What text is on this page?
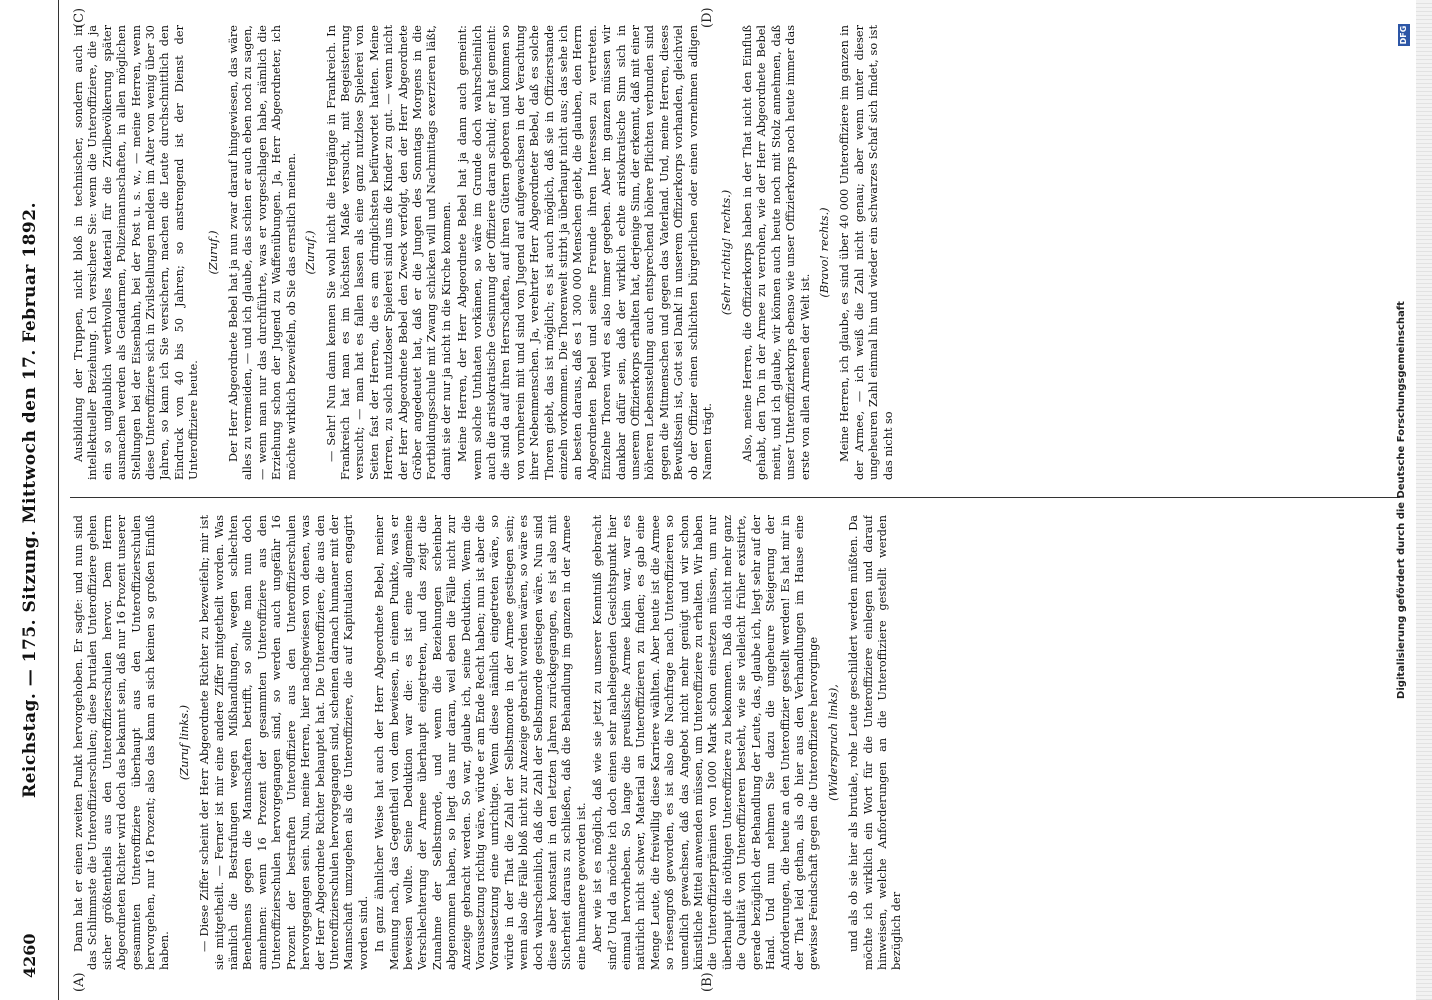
4260
Reichstag. — 175. Sitzung. Mittwoch den 17. Februar 1892.
(A)	(B)
(C)	(D)

Dann hat er einen zweiten Punkt hervorgehoben. Er sagte: und nun sind das Schlimmste die Unteroffizierschulen; diese brutalen Unteroffiziere gehen sicher größtentheils aus den Unteroffizierschulen hervor. Dem Herrn Abgeordneten Richter wird doch das bekannt sein, daß nur 16 Prozent unserer gesammten Unteroffiziere überhaupt aus den Unteroffizierschulen hervorgehen, nur 16 Prozent; also das kann an sich keinen so großen Einfluß haben.

(Zuruf links.) — Diese Ziffer scheint der Herr Abgeordnete Richter zu bezweifeln; mir ist sie mitgetheilt. — Ferner ist mir eine andere Ziffer mitgetheilt worden. Was nämlich die Bestrafungen wegen Mißhandlungen, wegen schlechten Benehmens gegen die Mannschaften betrifft, so sollte man nun doch annehmen: wenn 16 Prozent der gesammten Unteroffiziere aus den Unteroffizierschulen hervorgegangen sind, so werden auch ungefähr 16 Prozent der bestraften Unteroffiziere aus den Unteroffizierschulen hervorgegangen sein. Nun, meine Herren, hier nachgewiesen von denen, was der Herr Abgeordnete Richter behauptet hat. Die Unteroffiziere, die aus den Unteroffizierschulen hervorgegangen sind, scheinen darnach humaner mit der Mannschaft umzugehen als die Unteroffiziere, die auf Kapitulation engagirt worden sind. In ganz ähnlicher Weise hat auch der Herr Abgeordnete Bebel, meiner Meinung nach, das Gegentheil von dem bewiesen, in einem Punkte, was er beweisen wollte. Seine Deduktion war die: es ist eine allgemeine Verschlechterung der Armee überhaupt eingetreten, und das zeigt die Zunahme der Selbstmorde, und wenn die Beziehungen scheinbar abgenommen haben, so liegt das nur daran, weil eben die Fälle nicht zur Anzeige gebracht werden. So war, glaube ich, seine Deduktion. Wenn die Voraussetzung richtig wäre, würde er am Ende Recht haben; nun ist aber die Voraussetzung eine unrichtige. Wenn diese nämlich eingetreten wäre, so würde in der That die Zahl der Selbstmorde in der Armee gestiegen sein; wenn also die Fälle bloß nicht zur Anzeige gebracht worden wären, so wäre es doch wahrscheinlich, daß die Zahl der Selbstmorde gestiegen wäre. Nun sind diese aber konstant in den letzten Jahren zurückgegangen, es ist also mit Sicherheit daraus zu schließen, daß die Behandlung im ganzen in der Armee eine humanere geworden ist. Aber wie ist es möglich, daß wie sie jetzt zu unserer Kenntniß gebracht sind? Und da möchte ich doch einen sehr naheliegenden Gesichtspunkt hier einmal hervorheben. So lange die preußische Armee klein war, war es natürlich nicht schwer, Material an Unteroffizieren zu finden; es gab eine Menge Leute, die freiwillig diese Karriere wählten. Aber heute ist die Armee so riesengroß geworden, es ist also die Nachfrage nach Unteroffizieren so unendlich gewachsen, daß das Angebot nicht mehr genügt und wir schon künstliche Mittel anwenden müssen, um Unteroffiziere zu erhalten. Wir haben die Unteroffizierprämien von 1000 Mark schon einsetzen müssen, um nur überhaupt die nöthigen Unteroffiziere zu bekommen. Daß da nicht mehr ganz die Qualität von Unteroffizieren besteht, wie sie vielleicht früher existirte, gerade bezüglich der Behandlung der Leute, das, glaube ich, liegt sehr auf der Hand. Und nun nehmen Sie dazu die ungeheure Steigerung der Anforderungen, die heute an den Unteroffizier gestellt werden! Es hat mir in der That leid gethan, als ob hier aus den Verhandlungen im Hause eine gewisse Feindschaft gegen die Unteroffiziere hervorginge (Widerspruch links), und als ob sie hier als brutale, rohe Leute geschildert werden müßten. Da möchte ich wirklich ein Wort für die Unteroffiziere einlegen und darauf hinweisen, welche Anforderungen an die Unteroffiziere gestellt werden bezüglich der

Ausbildung der Truppen, nicht bloß in technischer, sondern auch in intellektueller Beziehung. Ich versichere Sie: wenn die Unteroffiziere, die ja ein so unglaublich werthvolles Material für die Zivilbevölkerung später ausmachen werden als Gendarmen, Polizeimannschaften, in allen möglichen Stellungen bei der Eisenbahn, bei der Post u. s. w., — meine Herren, wenn diese Unteroffiziere sich in Zivilstellungen melden im Alter von wenig über 30 Jahren, so kann ich Sie versichern, machen die Leute durchschnittlich den Eindruck von 40 bis 50 Jahren; so anstrengend ist der Dienst der Unteroffiziere heute.

(Zuruf.) Der Herr Abgeordnete Bebel hat ja nun zwar darauf hingewiesen, das wäre alles zu vermeiden, — und ich glaube, das schien er auch eben noch zu sagen, — wenn man nur das durchführte, was er vorgeschlagen habe, nämlich die Erziehung schon der Jugend zu Waffenübungen. Ja, Herr Abgeordneter, ich möchte wirklich bezweifeln, ob Sie das ernstlich meinen. (Zuruf.) — Sehr! Nun dann kennen Sie wohl nicht die Hergänge in Frankreich. In Frankreich hat man es im höchsten Maße versucht, mit Begeisterung versucht; — man hat es fallen lassen als eine ganz nutzlose Spielerei von Seiten fast der Herren, die es am dringlichsten befürwortet hatten. Meine Herren, zu solch nutzloser Spielerei sind uns die Kinder zu gut. — wenn nicht der Herr Abgeordnete Bebel den Zweck verfolgt, den der Herr Abgeordnete Gröber angedeutet hat, daß er die Jungen des Sonntags Morgens in die Fortbildungsschule mit Zwang schicken will und Nachmittags exerzieren läßt, damit sie der nur ja nicht in die Kirche kommen. Meine Herren, der Herr Abgeordnete Bebel hat ja dann auch gemeint: wenn solche Unthaten vorkämen, so wäre im Grunde doch wahrscheinlich auch die aristokratische Gesinnung der Offiziere daran schuld; er hat gemeint: die sind da auf ihren Herrschaften, auf ihren Gütern geboren und kommen so von vornherein mit und sind von Jugend auf aufgewachsen in der Verachtung ihrer Nebenmenschen. Ja, verehrter Herr Abgeordneter Bebel, daß es solche Thoren giebt, das ist möglich; es ist auch möglich, daß sie in Offizierstande einzeln vorkommen. Die Thorenwelt stirbt ja überhaupt nicht aus; das sehe ich an besten daraus, daß es 1 300 000 Menschen giebt, die glauben, den Herrn Abgeordneten Bebel und seine Freunde ihren Interessen zu vertreten. Einzelne Thoren wird es also immer gegeben. Aber im ganzen müssen wir dankbar dafür sein, daß der wirklich echte aristokratische Sinn sich in unserem Offizierkorps erhalten hat, derjenige Sinn, der erkennt, daß mit einer höheren Lebensstellung auch entsprechend höhere Pflichten verbunden sind gegen die Mitmenschen und gegen das Vaterland. Und, meine Herren, dieses Bewußtsein ist, Gott sei Dank! in unserem Offizierkorps vorhanden, gleichviel ob der Offizier einen schlichten bürgerlichen oder einen vornehmen adligen Namen trägt.

(Sehr richtig! rechts.) Also, meine Herren, die Offizierkorps haben in der That nicht den Einfluß gehabt, den Ton in der Armee zu verrohen, wie der Herr Abgeordnete Bebel meint, und ich glaube, wir können auch heute noch mit Stolz annehmen, daß unser Unteroffizierkorps ebenso wie unser Offizierkorps noch heute immer das erste von allen Armeen der Welt ist.

(Bravo! rechts.) Meine Herren, ich glaube, es sind über 40 000 Unteroffiziere im ganzen in der Armee, — ich weiß die Zahl nicht genau; aber wenn unter dieser ungeheuren Zahl einmal hin und wieder ein schwarzes Schaf sich findet, so ist das nicht so	Digitalisierung gefördert durch die Deutsche Forschungsgemeinschaft
DFG
